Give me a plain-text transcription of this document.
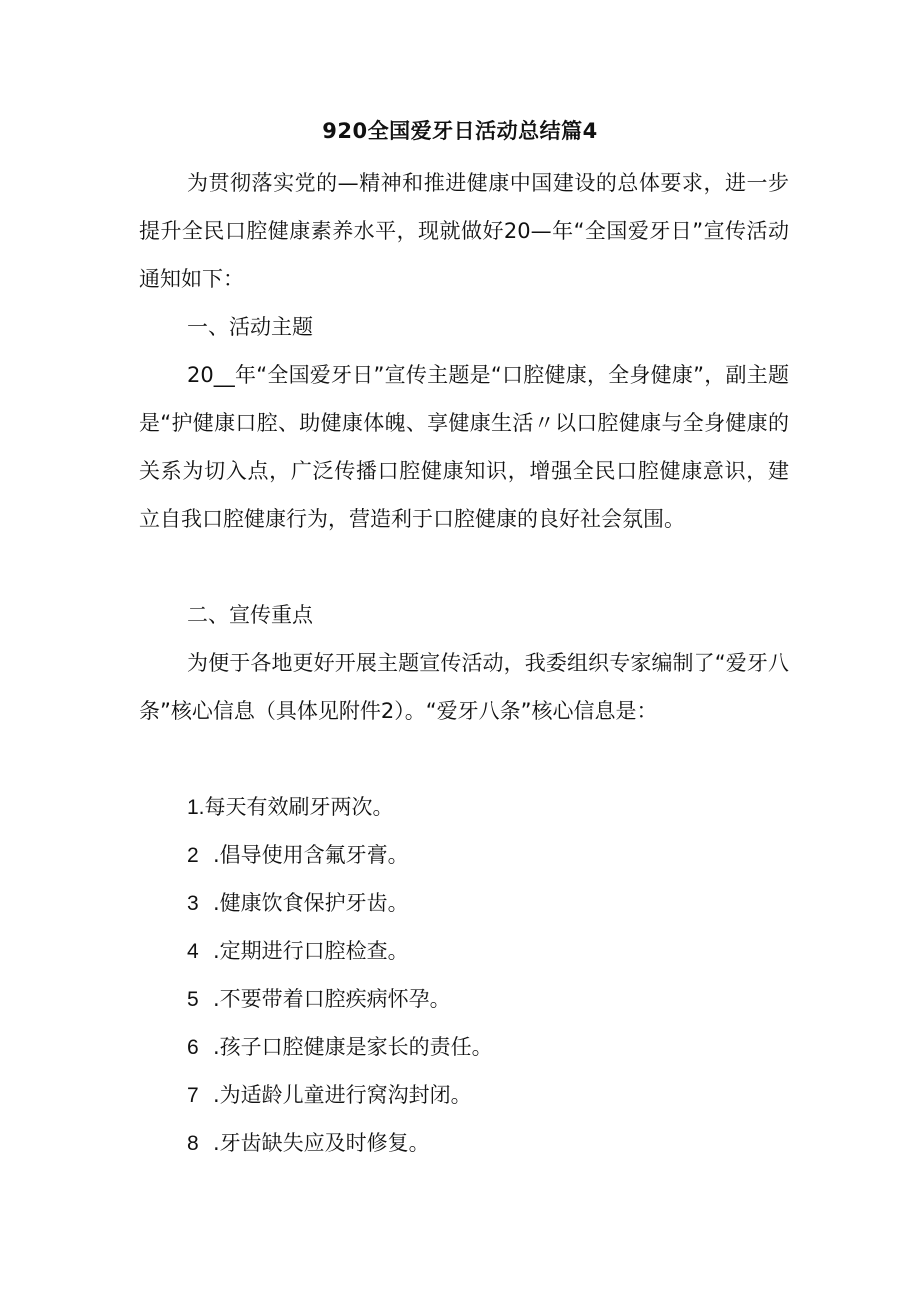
920全国爱牙日活动总结篇4

为贯彻落实党的—精神和推进健康中国建设的总体要求，进一步提升全民口腔健康素养水平，现就做好20—年“全国爱牙日”宣传活动通知如下：

一、活动主题

20__年“全国爱牙日”宣传主题是“口腔健康，全身健康”，副主题是“护健康口腔、助健康体魄、享健康生活〃以口腔健康与全身健康的关系为切入点，广泛传播口腔健康知识，增强全民口腔健康意识，建立自我口腔健康行为，营造利于口腔健康的良好社会氛围。

二、宣传重点

为便于各地更好开展主题宣传活动，我委组织专家编制了“爱牙八条”核心信息（具体见附件2）。“爱牙八条”核心信息是：

1.每天有效刷牙两次。
2 .倡导使用含氟牙膏。
3 .健康饮食保护牙齿。
4 .定期进行口腔检查。
5 .不要带着口腔疾病怀孕。
6 .孩子口腔健康是家长的责任。
7 .为适龄儿童进行窝沟封闭。
8 .牙齿缺失应及时修复。
